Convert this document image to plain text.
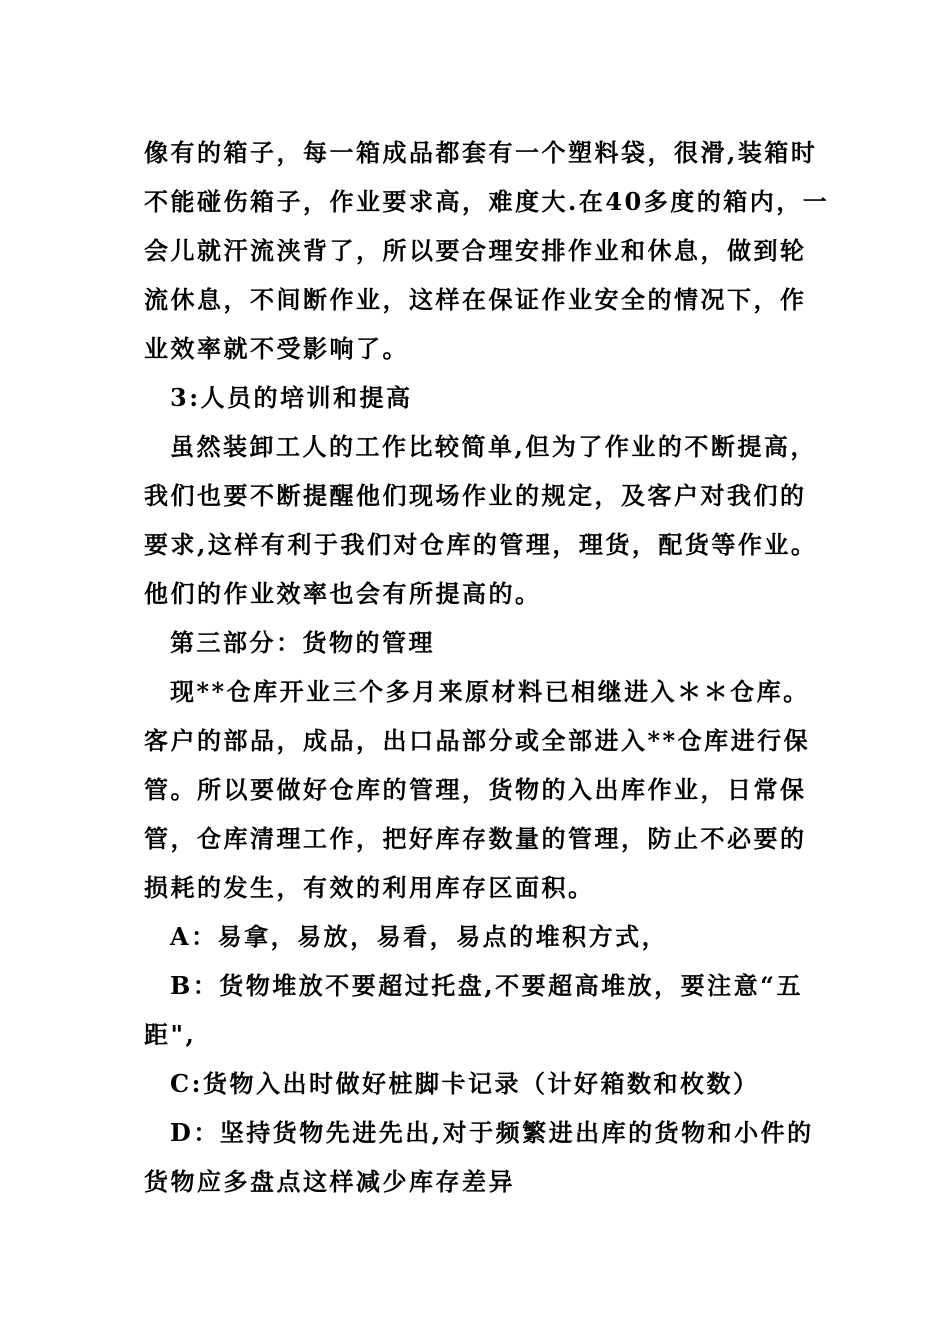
像有的箱子，每一箱成品都套有一个塑料袋，很滑,装箱时
不能碰伤箱子，作业要求高，难度大.在40多度的箱内，一
会儿就汗流浃背了，所以要合理安排作业和休息，做到轮
流休息，不间断作业，这样在保证作业安全的情况下，作
业效率就不受影响了。
3:人员的培训和提高
虽然装卸工人的工作比较简单,但为了作业的不断提高，
我们也要不断提醒他们现场作业的规定，及客户对我们的
要求,这样有利于我们对仓库的管理，理货，配货等作业。
他们的作业效率也会有所提高的。
第三部分：货物的管理
现**仓库开业三个多月来原材料已相继进入＊＊仓库。
客户的部品，成品，出口品部分或全部进入**仓库进行保
管。所以要做好仓库的管理，货物的入出库作业，日常保
管，仓库清理工作，把好库存数量的管理，防止不必要的
损耗的发生，有效的利用库存区面积。
A：易拿，易放，易看，易点的堆积方式，
B：货物堆放不要超过托盘,不要超高堆放，要注意“五
距",
C:货物入出时做好桩脚卡记录（计好箱数和枚数）
D：坚持货物先进先出,对于频繁进出库的货物和小件的
货物应多盘点这样减少库存差异
